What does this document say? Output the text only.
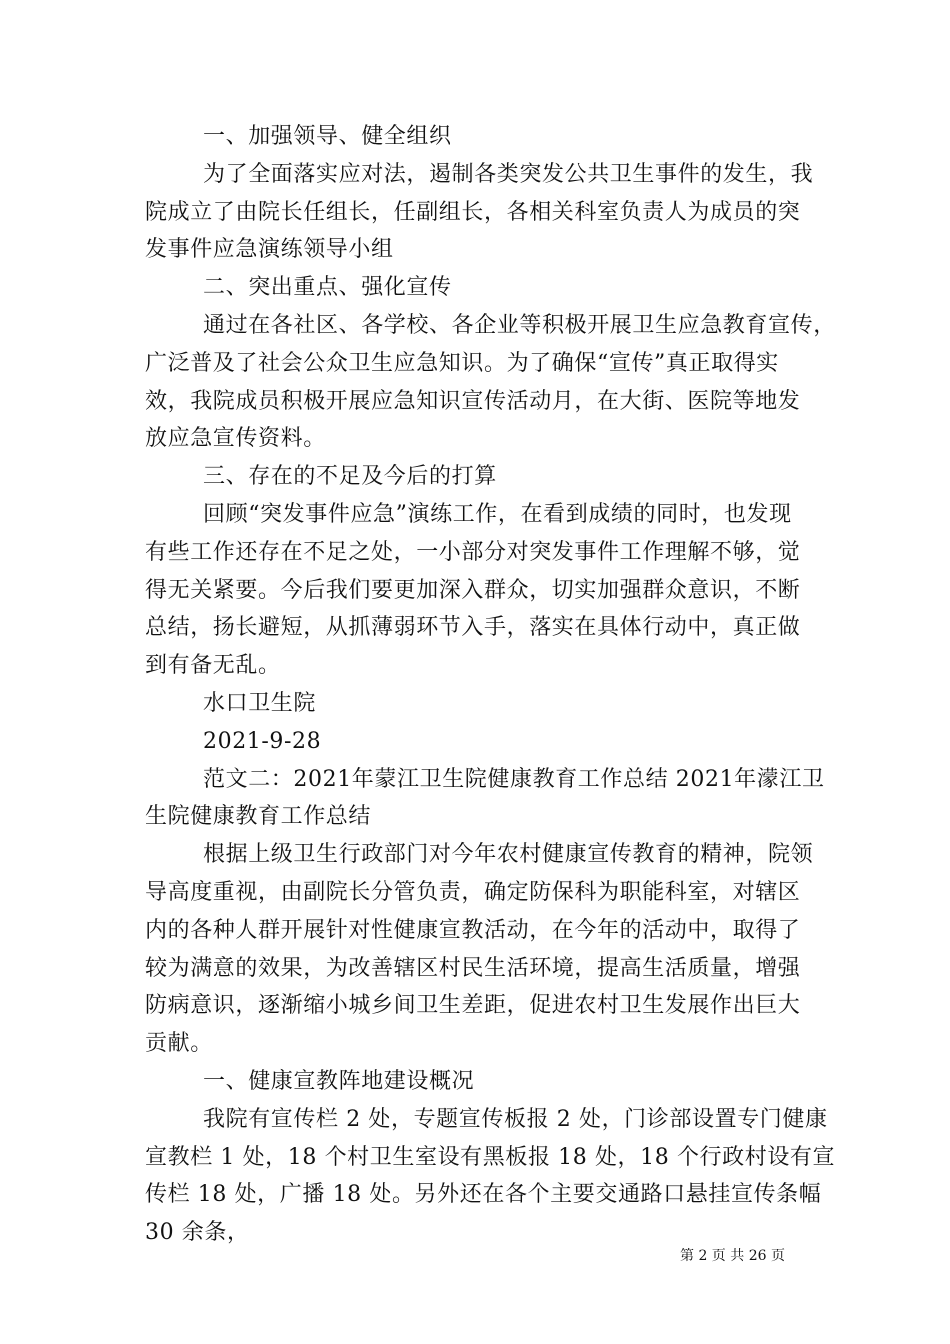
一、加强领导、健全组织
为了全面落实应对法，遏制各类突发公共卫生事件的发生，我
院成立了由院长任组长，任副组长，各相关科室负责人为成员的突
发事件应急演练领导小组
二、突出重点、强化宣传
通过在各社区、各学校、各企业等积极开展卫生应急教育宣传，
广泛普及了社会公众卫生应急知识。为了确保“宣传”真正取得实
效，我院成员积极开展应急知识宣传活动月，在大街、医院等地发
放应急宣传资料。
三、存在的不足及今后的打算
回顾“突发事件应急”演练工作，在看到成绩的同时，也发现
有些工作还存在不足之处，一小部分对突发事件工作理解不够，觉
得无关紧要。今后我们要更加深入群众，切实加强群众意识，不断
总结，扬长避短，从抓薄弱环节入手，落实在具体行动中，真正做
到有备无乱。
水口卫生院
2021-9-28
范文二：2021年蒙江卫生院健康教育工作总结 2021年濛江卫
生院健康教育工作总结
根据上级卫生行政部门对今年农村健康宣传教育的精神，院领
导高度重视，由副院长分管负责，确定防保科为职能科室，对辖区
内的各种人群开展针对性健康宣教活动，在今年的活动中，取得了
较为满意的效果，为改善辖区村民生活环境，提高生活质量，增强
防病意识，逐渐缩小城乡间卫生差距，促进农村卫生发展作出巨大
贡献。
一、健康宣教阵地建设概况
我院有宣传栏 2 处，专题宣传板报 2 处，门诊部设置专门健康
宣教栏 1 处，18 个村卫生室设有黑板报 18 处，18 个行政村设有宣
传栏 18 处，广播 18 处。另外还在各个主要交通路口悬挂宣传条幅
30 余条，
第 2 页 共 26 页
